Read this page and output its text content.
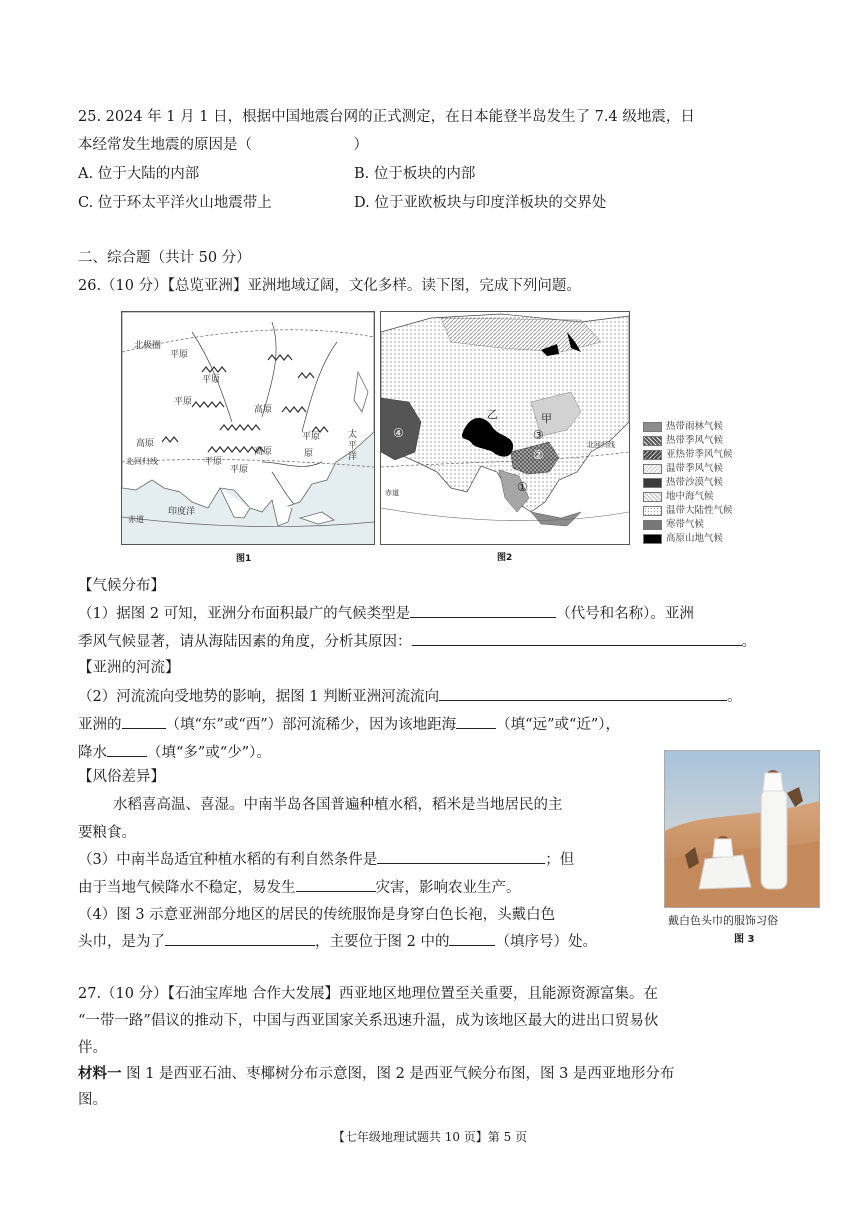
25. 2024 年 1 月 1 日，根据中国地震台网的正式测定，在日本能登半岛发生了 7.4 级地震，日
本经常发生地震的原因是（　　　　　　　）
A. 位于大陆的内部	B. 位于板块的内部
C. 位于环太平洋火山地震带上	D. 位于亚欧板块与印度洋板块的交界处
二、综合题（共计 50 分）
26.（10 分）【总览亚洲】亚洲地域辽阔，文化多样。读下图，完成下列问题。
北极圈
平原
平原
平原
高原
高原
高原
平原
原
平原
平原
太平洋
北回归线
印度洋
赤道
图1
乙	甲
④	③
②
①
北回归线
赤道
图2
热带雨林气候
热带季风气候
亚热带季风气候
温带季风气候
热带沙漠气候
地中海气候
温带大陆性气候
寒带气候
高原山地气候
【气候分布】
（1）据图 2 可知，亚洲分布面积最广的气候类型是	（代号和名称）。亚洲
季风气候显著，请从海陆因素的角度，分析其原因：	。
【亚洲的河流】
（2）河流流向受地势的影响，据图 1 判断亚洲河流流向	。
亚洲的	（填“东”或“西”）部河流稀少，因为该地距海	（填“远”或“近”），
降水	（填“多”或“少”）。
【风俗差异】
水稻喜高温、喜湿。中南半岛各国普遍种植水稻，稻米是当地居民的主
要粮食。
（3）中南半岛适宜种植水稻的有利自然条件是	；但
由于当地气候降水不稳定，易发生	灾害，影响农业生产。
（4）图 3 示意亚洲部分地区的居民的传统服饰是身穿白色长袍，头戴白色
头巾，是为了	，主要位于图 2 中的	（填序号）处。
戴白色头巾的服饰习俗
图 3
27.（10 分）【石油宝库地 合作大发展】西亚地区地理位置至关重要，且能源资源富集。在
“一带一路”倡议的推动下，中国与西亚国家关系迅速升温，成为该地区最大的进出口贸易伙
伴。
材料一 图 1 是西亚石油、枣椰树分布示意图，图 2 是西亚气候分布图，图 3 是西亚地形分布
图。
【七年级地理试题共 10 页】第 5 页
